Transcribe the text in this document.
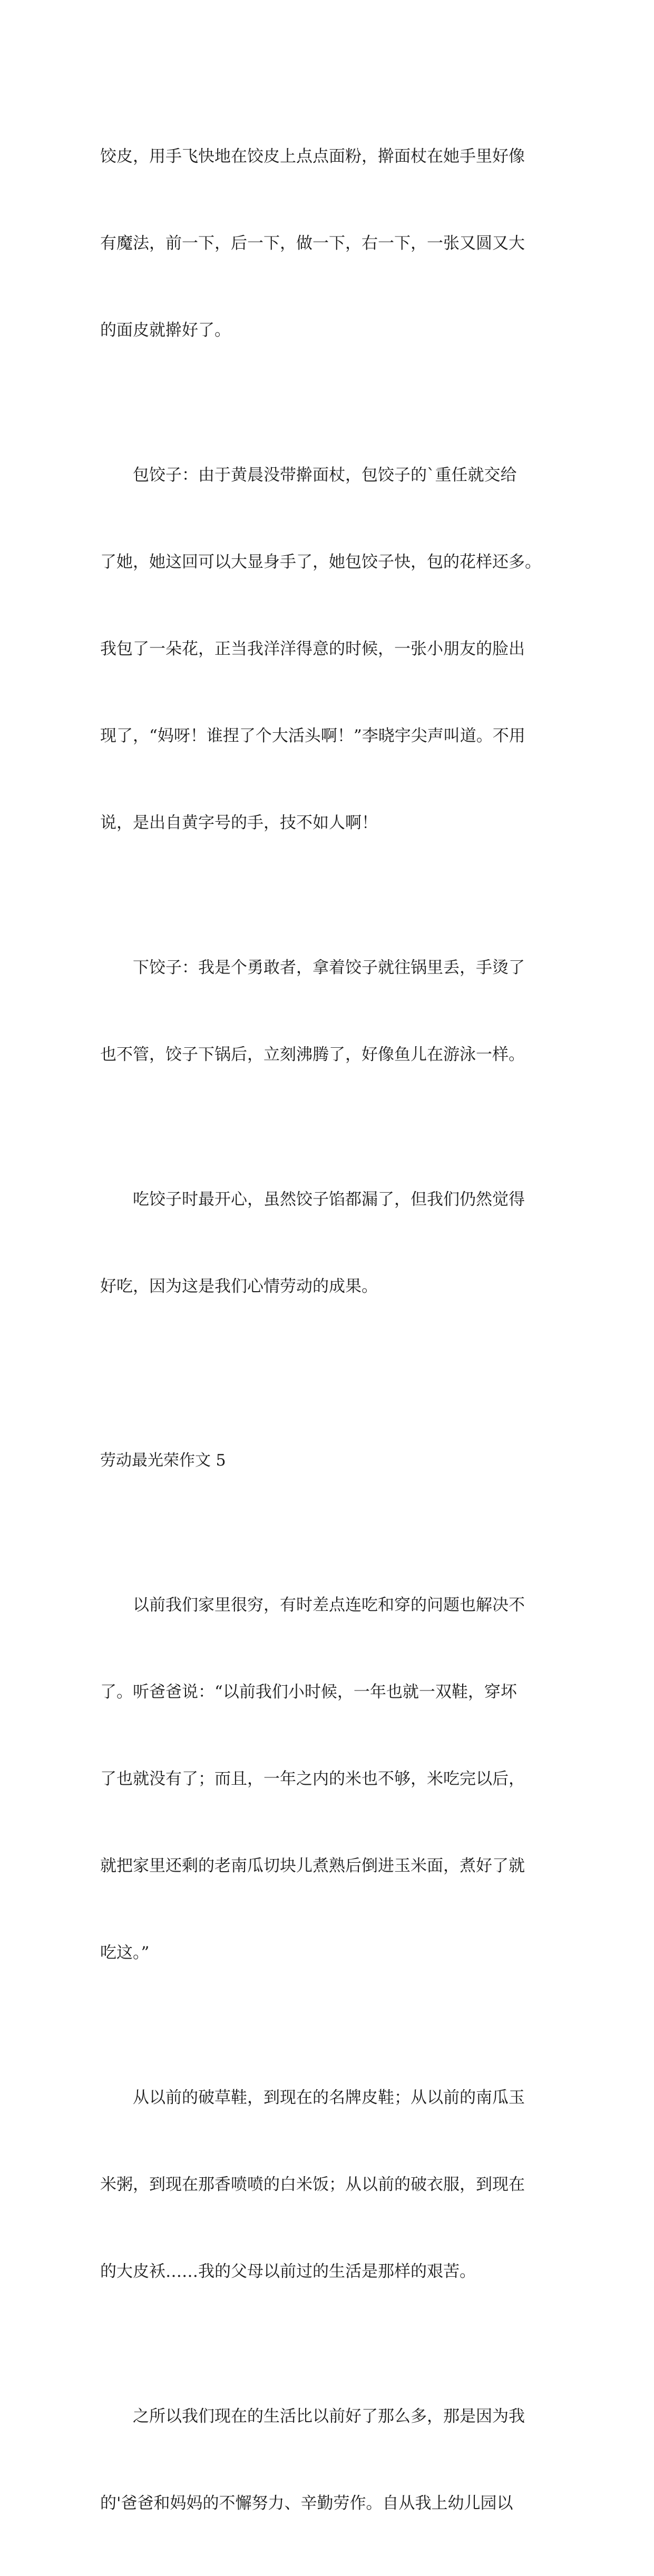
饺皮，用手飞快地在饺皮上点点面粉，擀面杖在她手里好像

有魔法，前一下，后一下，做一下，右一下，一张又圆又大

的面皮就擀好了。

包饺子：由于黄晨没带擀面杖，包饺子的`重任就交给

了她，她这回可以大显身手了，她包饺子快，包的花样还多。

我包了一朵花，正当我洋洋得意的时候，一张小朋友的脸出

现了，“妈呀！谁捏了个大活头啊！”李晓宇尖声叫道。不用

说，是出自黄字号的手，技不如人啊！

下饺子：我是个勇敢者，拿着饺子就往锅里丢，手烫了

也不管，饺子下锅后，立刻沸腾了，好像鱼儿在游泳一样。

吃饺子时最开心，虽然饺子馅都漏了，但我们仍然觉得

好吃，因为这是我们心情劳动的成果。

劳动最光荣作文 5

以前我们家里很穷，有时差点连吃和穿的问题也解决不

了。听爸爸说：“以前我们小时候，一年也就一双鞋，穿坏

了也就没有了；而且，一年之内的米也不够，米吃完以后，

就把家里还剩的老南瓜切块儿煮熟后倒进玉米面，煮好了就

吃这。”

从以前的破草鞋，到现在的名牌皮鞋；从以前的南瓜玉

米粥，到现在那香喷喷的白米饭；从以前的破衣服，到现在

的大皮袄……我的父母以前过的生活是那样的艰苦。

之所以我们现在的生活比以前好了那么多，那是因为我

的'爸爸和妈妈的不懈努力、辛勤劳作。自从我上幼儿园以
